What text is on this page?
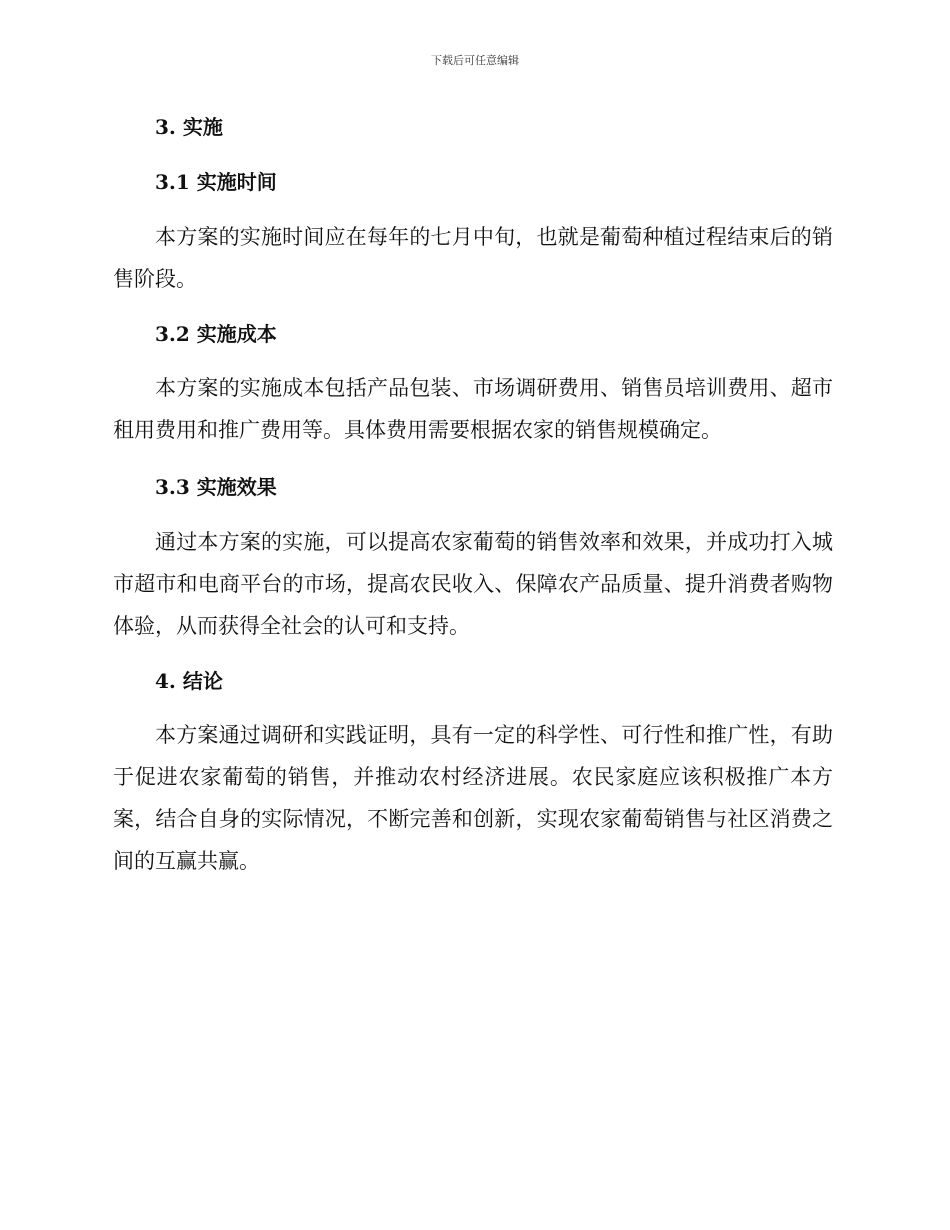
下载后可任意编辑
3. 实施
3.1 实施时间

本方案的实施时间应在每年的七月中旬，也就是葡萄种植过程结束后的销售阶段。

3.2 实施成本

本方案的实施成本包括产品包装、市场调研费用、销售员培训费用、超市租用费用和推广费用等。具体费用需要根据农家的销售规模确定。

3.3 实施效果

通过本方案的实施，可以提高农家葡萄的销售效率和效果，并成功打入城市超市和电商平台的市场，提高农民收入、保障农产品质量、提升消费者购物体验，从而获得全社会的认可和支持。

4. 结论

本方案通过调研和实践证明，具有一定的科学性、可行性和推广性，有助于促进农家葡萄的销售，并推动农村经济进展。农民家庭应该积极推广本方案，结合自身的实际情况，不断完善和创新，实现农家葡萄销售与社区消费之间的互赢共赢。
